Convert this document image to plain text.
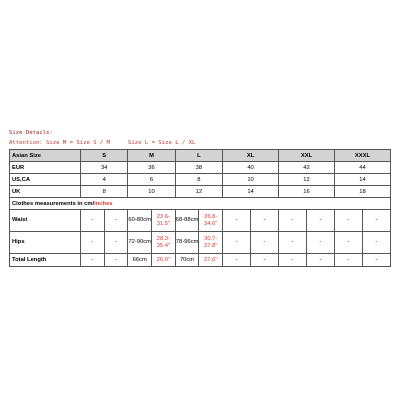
Size Details:
Attention: Size M = Size S / M	Size L = Size L / XL
Asian Size	S		M		L		XL		XXL		XXXL	
EUR	34		36		38		40		42		44	
US,CA	4		6		8		10		12		14	
UK	8		10		12		14		16		18	
Clothes measurements in cm/inches												
Waist	-	-	60-80cm	23.6-31.5"	68-88cm	26.8-34.6"	-	-	-	-	-	-
Hips	-	-	72-90cm	28.3-35.4"	78-96cm	30.7-37.8"	-	-	-	-	-	-
Total Length	-	-	66cm	26.0"	70cm	27.6"	-	-	-	-	-	-
